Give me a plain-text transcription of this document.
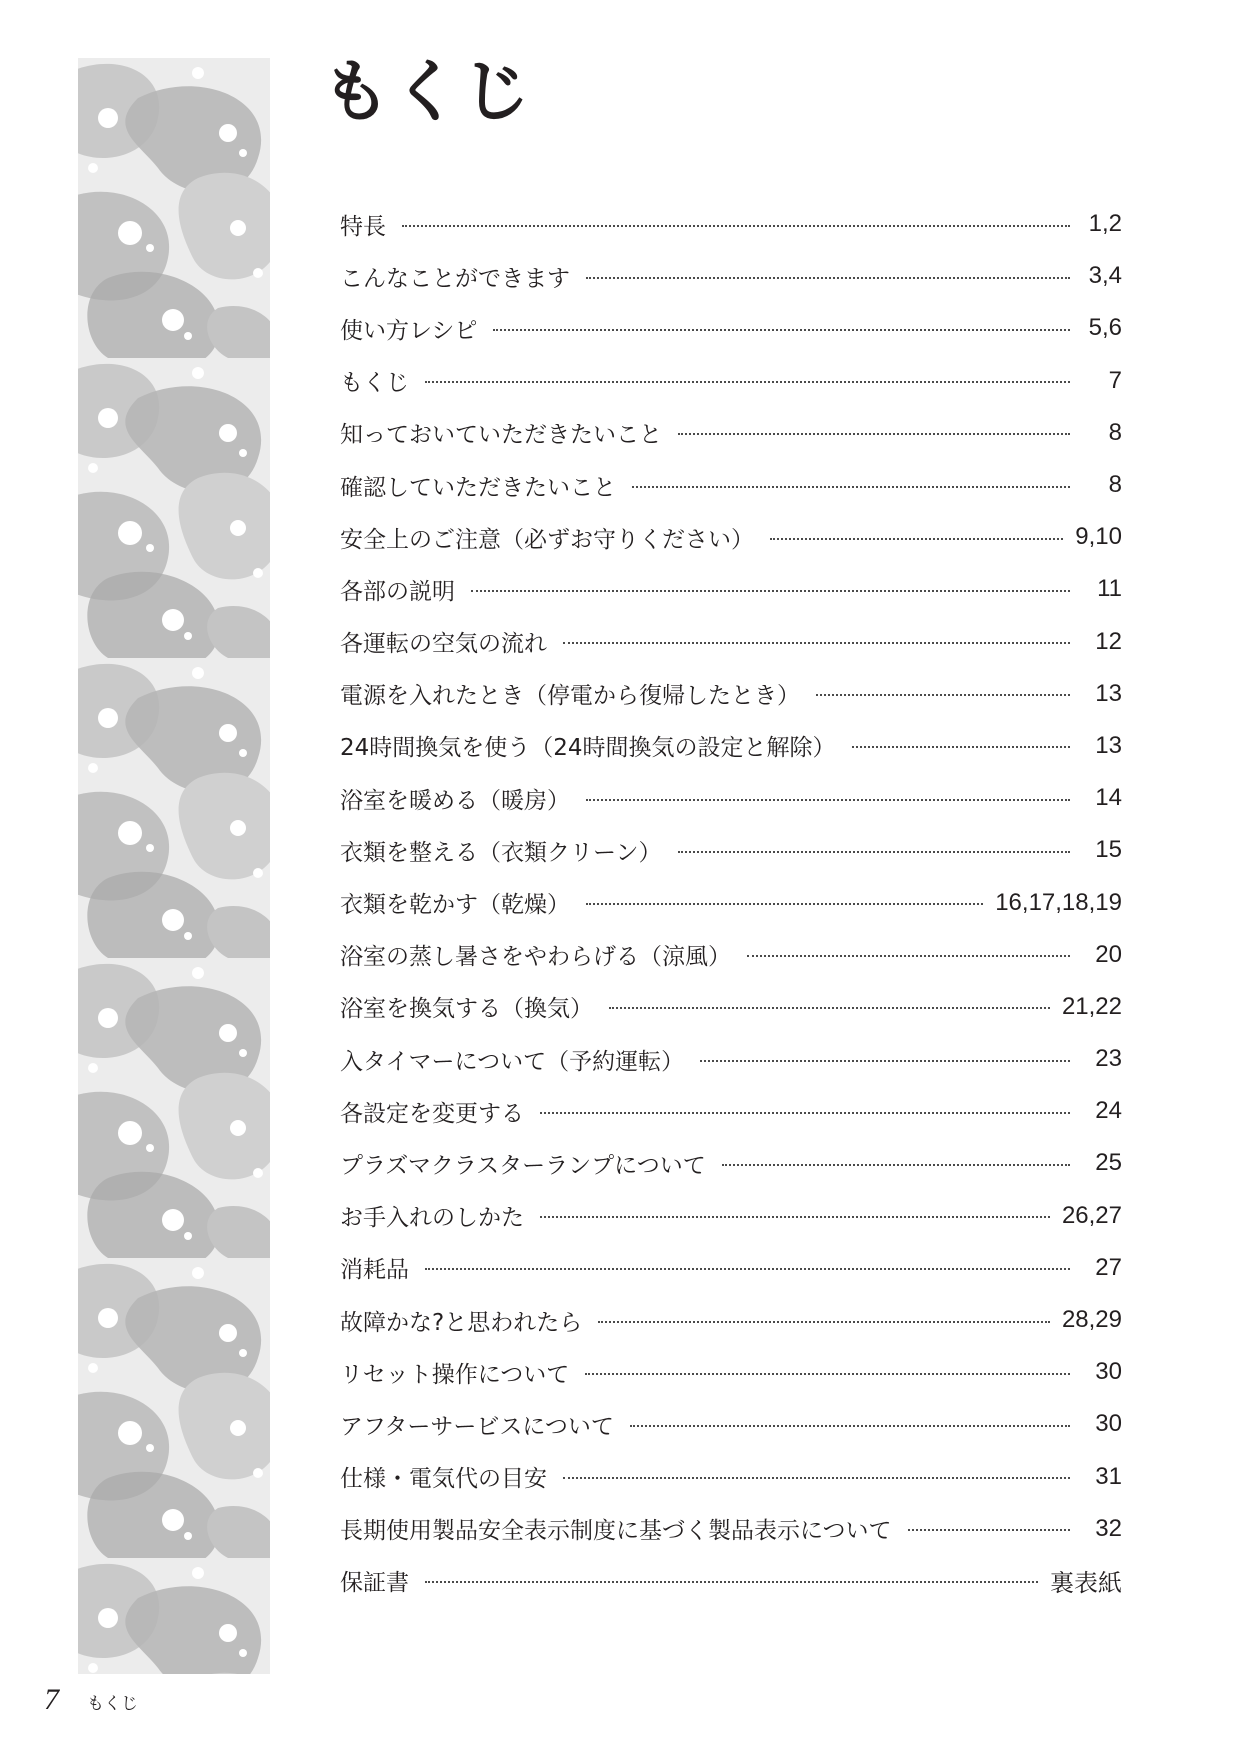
もくじ
特長	1,2
こんなことができます	3,4
使い方レシピ	5,6
もくじ	7
知っておいていただきたいこと	8
確認していただきたいこと	8
安全上のご注意（必ずお守りください）	9,10
各部の説明	11
各運転の空気の流れ	12
電源を入れたとき（停電から復帰したとき）	13
24時間換気を使う（24時間換気の設定と解除）	13
浴室を暖める（暖房）	14
衣類を整える（衣類クリーン）	15
衣類を乾かす（乾燥）	16,17,18,19
浴室の蒸し暑さをやわらげる（涼風）	20
浴室を換気する（換気）	21,22
入タイマーについて（予約運転）	23
各設定を変更する	24
プラズマクラスターランプについて	25
お手入れのしかた	26,27
消耗品	27
故障かな?と思われたら	28,29
リセット操作について	30
アフターサービスについて	30
仕様・電気代の目安	31
長期使用製品安全表示制度に基づく製品表示について	32
保証書	裏表紙
7 もくじ
